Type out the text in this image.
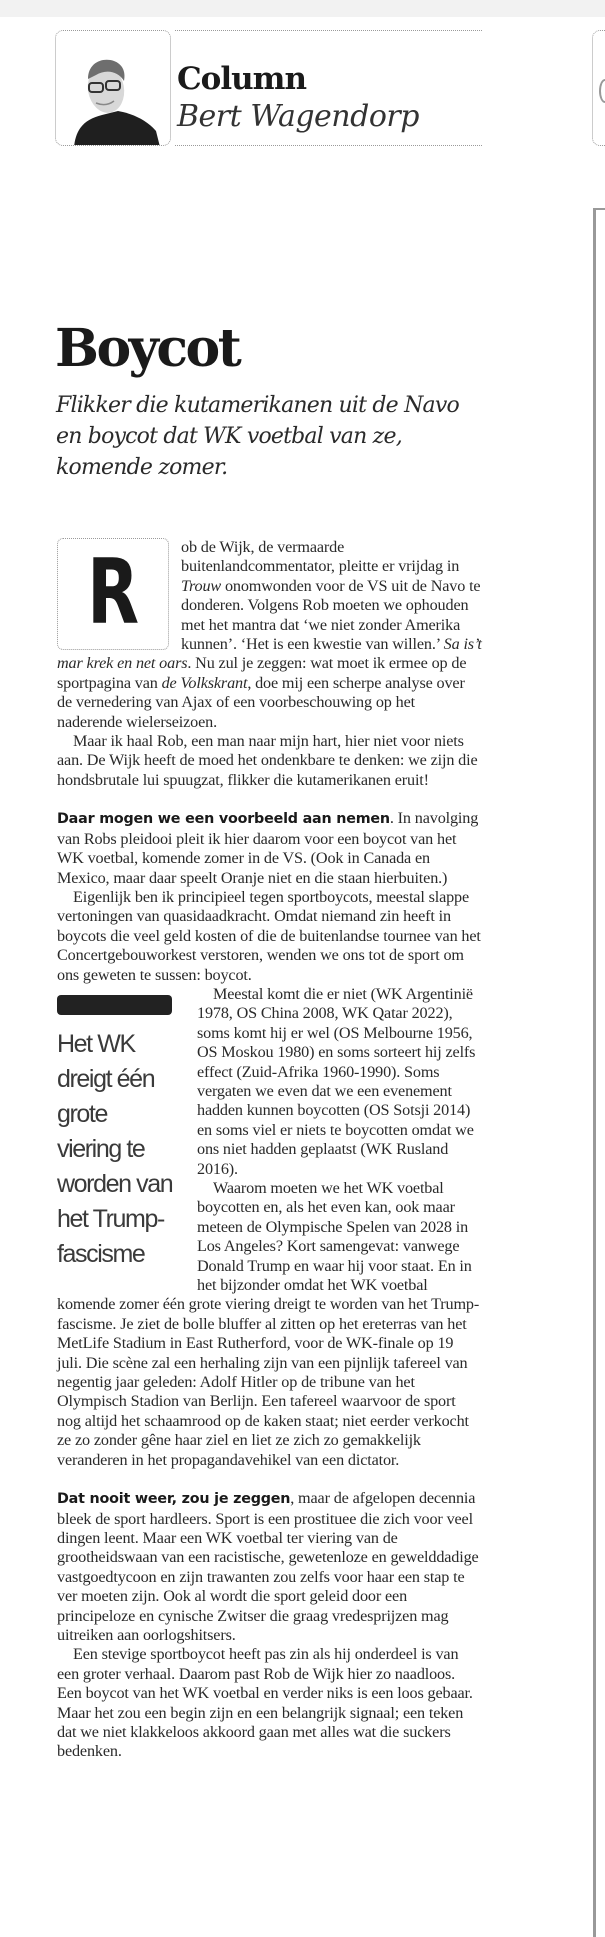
Column
Bert Wagendorp
Boycot

Flikker die kutamerikanen uit de Navo en boycot dat WK voetbal van ze, komende zomer.

R	ob de Wijk, de vermaarde buitenlandcommentator, pleitte er vrijdag in Trouw onomwonden voor de VS uit de Navo te donderen. Volgens Rob moeten we ophouden met het mantra dat ‘we niet zonder Amerika kunnen’. ‘Het is een kwestie van willen.’ Sa is’t mar krek en net oars. Nu zul je zeggen: wat moet ik ermee op de sportpagina van de Volkskrant, doe mij een scherpe analyse over de vernedering van Ajax of een voorbeschouwing op het naderende wielerseizoen.

Maar ik haal Rob, een man naar mijn hart, hier niet voor niets aan. De Wijk heeft de moed het ondenkbare te denken: we zijn die hondsbrutale lui spuugzat, flikker die kutamerikanen eruit!

Daar mogen we een voorbeeld aan nemen. In navolging van Robs pleidooi pleit ik hier daarom voor een boycot van het WK voetbal, komende zomer in de VS. (Ook in Canada en Mexico, maar daar speelt Oranje niet en die staan hierbuiten.)

Eigenlijk ben ik principieel tegen sportboycots, meestal slappe vertoningen van quasidaadkracht. Omdat niemand zin heeft in boycots die veel geld kosten of die de buitenlandse tournee van het Concertgebouworkest verstoren, wenden we ons tot de sport om ons geweten te sussen: boycot.

Het WK dreigt één grote viering te worden van het Trump-fascisme

Meestal komt die er niet (WK Argentinië 1978, OS China 2008, WK Qatar 2022), soms komt hij er wel (OS Melbourne 1956, OS Moskou 1980) en soms sorteert hij zelfs effect (Zuid-Afrika 1960-1990). Soms vergaten we even dat we een evenement hadden kunnen boycotten (OS Sotsji 2014) en soms viel er niets te boycotten omdat we ons niet hadden geplaatst (WK Rusland 2016).

Waarom moeten we het WK voetbal boycotten en, als het even kan, ook maar meteen de Olympische Spelen van 2028 in Los Angeles? Kort samengevat: vanwege Donald Trump en waar hij voor staat. En in het bijzonder omdat het WK voetbal komende zomer één grote viering dreigt te worden van het Trump-fascisme. Je ziet de bolle bluffer al zitten op het ereterras van het MetLife Stadium in East Rutherford, voor de WK-finale op 19 juli. Die scène zal een herhaling zijn van een pijnlijk tafereel van negentig jaar geleden: Adolf Hitler op de tribune van het Olympisch Stadion van Berlijn. Een tafereel waarvoor de sport nog altijd het schaamrood op de kaken staat; niet eerder verkocht ze zo zonder gêne haar ziel en liet ze zich zo gemakkelijk veranderen in het propagandavehikel van een dictator.

Dat nooit weer, zou je zeggen, maar de afgelopen decennia bleek de sport hardleers. Sport is een prostituee die zich voor veel dingen leent. Maar een WK voetbal ter viering van de grootheidswaan van een racistische, gewetenloze en gewelddadige vastgoedtycoon en zijn trawanten zou zelfs voor haar een stap te ver moeten zijn. Ook al wordt die sport geleid door een principeloze en cynische Zwitser die graag vredesprijzen mag uitreiken aan oorlogshitsers.

Een stevige sportboycot heeft pas zin als hij onderdeel is van een groter verhaal. Daarom past Rob de Wijk hier zo naadloos. Een boycot van het WK voetbal en verder niks is een loos gebaar. Maar het zou een begin zijn en een belangrijk signaal; een teken dat we niet klakkeloos akkoord gaan met alles wat die suckers bedenken.
